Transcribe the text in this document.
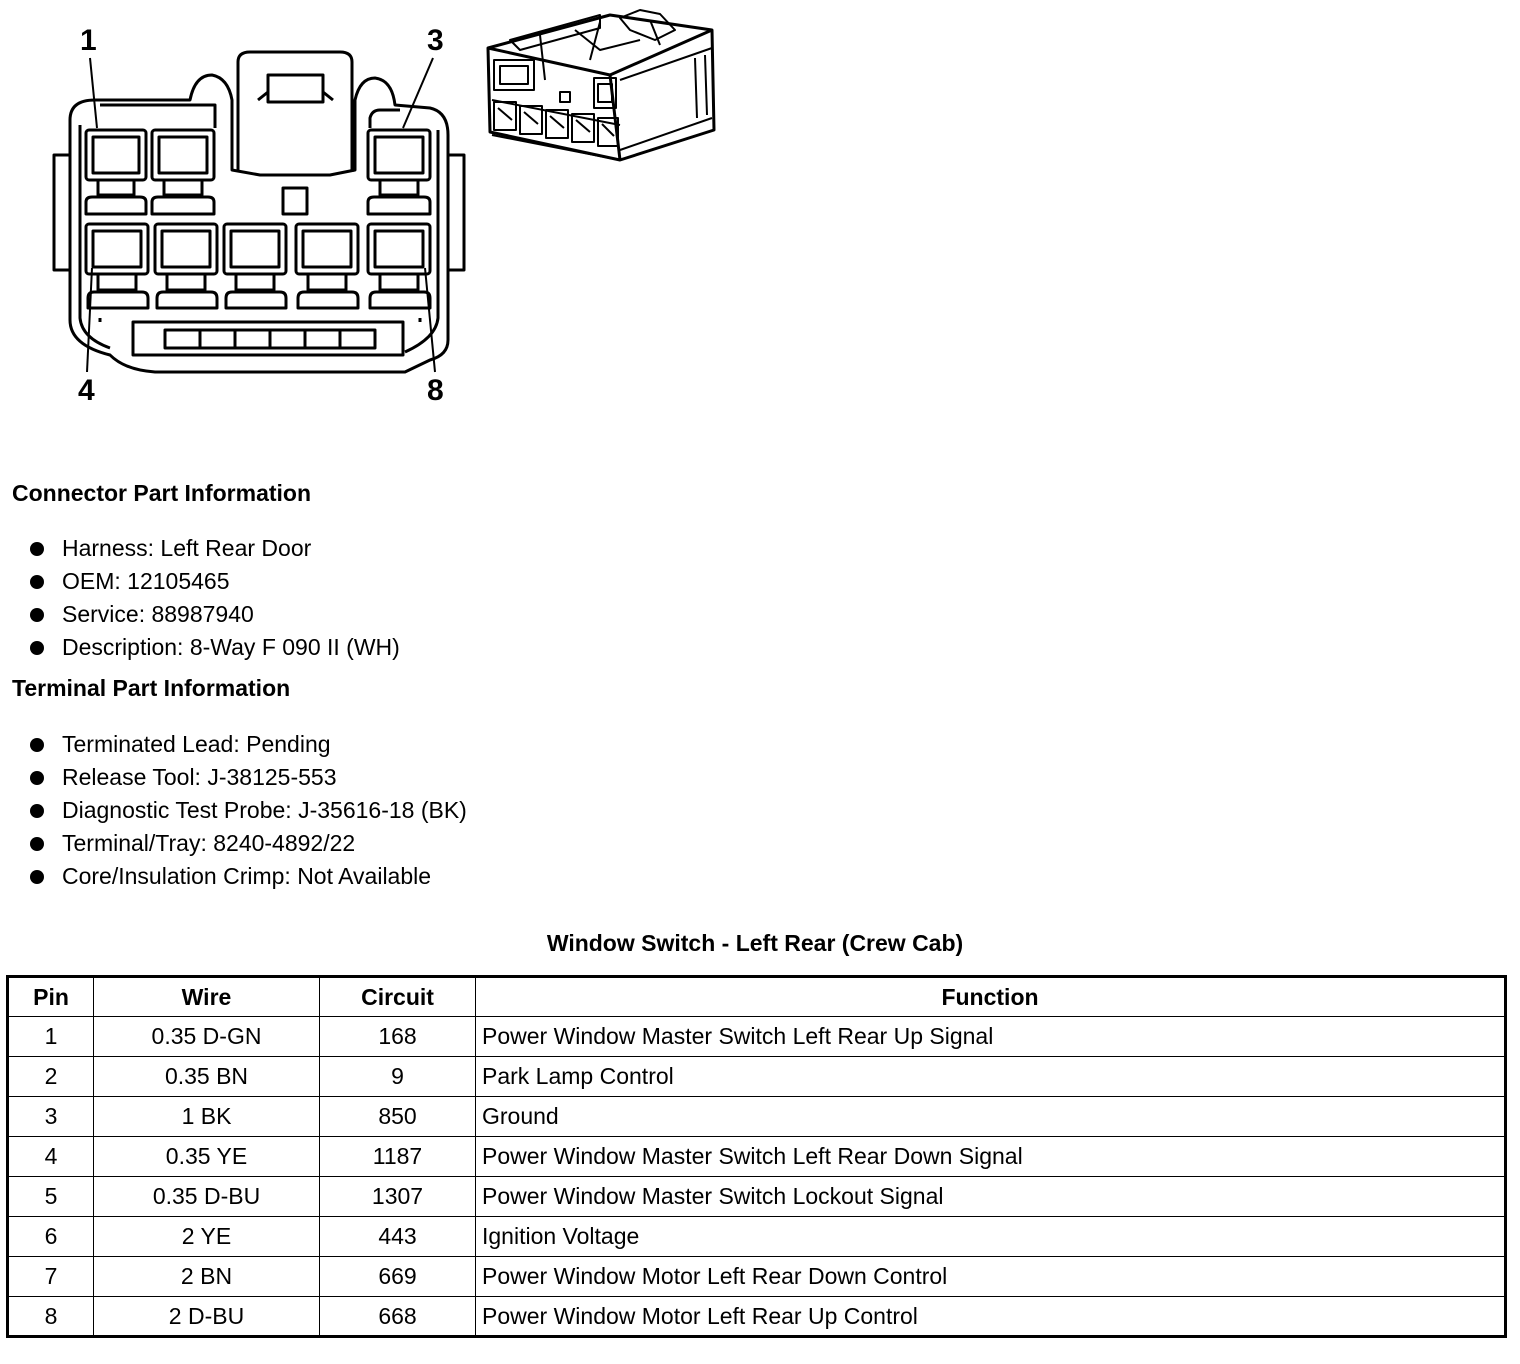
1	3
4	8
Connector Part Information
Harness: Left Rear Door
OEM: 12105465
Service: 88987940
Description: 8-Way F 090 II (WH)
Terminal Part Information
Terminated Lead: Pending
Release Tool: J-38125-553
Diagnostic Test Probe: J-35616-18 (BK)
Terminal/Tray: 8240-4892/22
Core/Insulation Crimp: Not Available
Window Switch - Left Rear (Crew Cab)
Pin	Wire	Circuit	Function
1	0.35 D-GN	168	Power Window Master Switch Left Rear Up Signal
2	0.35 BN	9	Park Lamp Control
3	1 BK	850	Ground
4	0.35 YE	1187	Power Window Master Switch Left Rear Down Signal
5	0.35 D-BU	1307	Power Window Master Switch Lockout Signal
6	2 YE	443	Ignition Voltage
7	2 BN	669	Power Window Motor Left Rear Down Control
8	2 D-BU	668	Power Window Motor Left Rear Up Control
